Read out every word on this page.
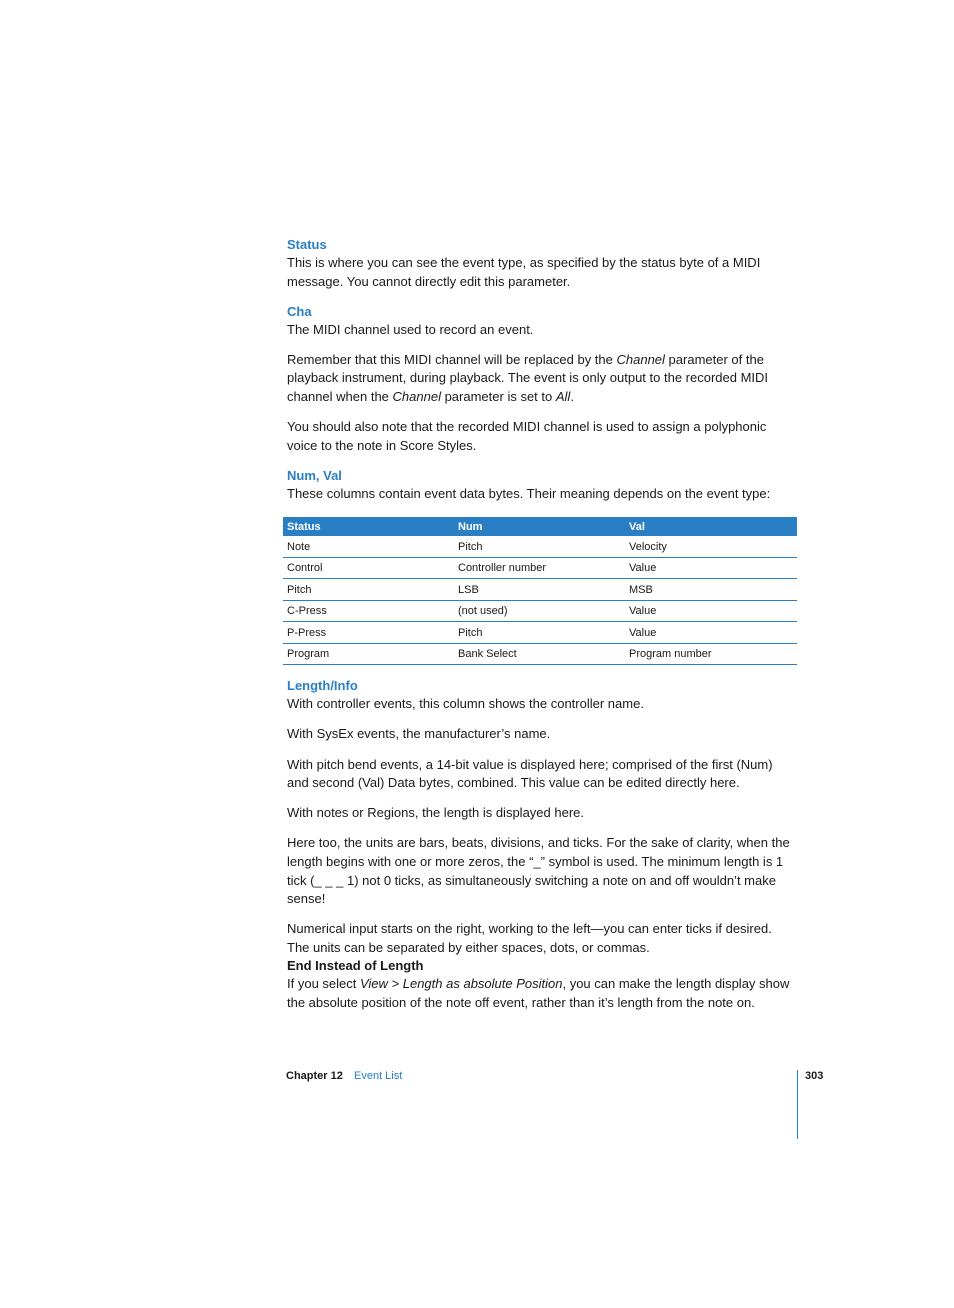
Status

This is where you can see the event type, as specified by the status byte of a MIDI message. You cannot directly edit this parameter.

Cha

The MIDI channel used to record an event.

Remember that this MIDI channel will be replaced by the Channel parameter of the playback instrument, during playback. The event is only output to the recorded MIDI channel when the Channel parameter is set to All.

You should also note that the recorded MIDI channel is used to assign a polyphonic voice to the note in Score Styles.

Num, Val

These columns contain event data bytes. Their meaning depends on the event type:

Status	Num	Val
Note	Pitch	Velocity
Control	Controller number	Value
Pitch	LSB	MSB
C-Press	(not used)	Value
P-Press	Pitch	Value
Program	Bank Select	Program number

Length/Info

With controller events, this column shows the controller name.

With SysEx events, the manufacturer’s name.

With pitch bend events, a 14-bit value is displayed here; comprised of the first (Num) and second (Val) Data bytes, combined. This value can be edited directly here.

With notes or Regions, the length is displayed here.

Here too, the units are bars, beats, divisions, and ticks. For the sake of clarity, when the length begins with one or more zeros, the “_” symbol is used. The minimum length is 1 tick (_ _ _ 1) not 0 ticks, as simultaneously switching a note on and off wouldn’t make sense!

Numerical input starts on the right, working to the left—you can enter ticks if desired. The units can be separated by either spaces, dots, or commas.

End Instead of Length

If you select View > Length as absolute Position, you can make the length display show the absolute position of the note off event, rather than it’s length from the note on.

Chapter 12 Event List	303
